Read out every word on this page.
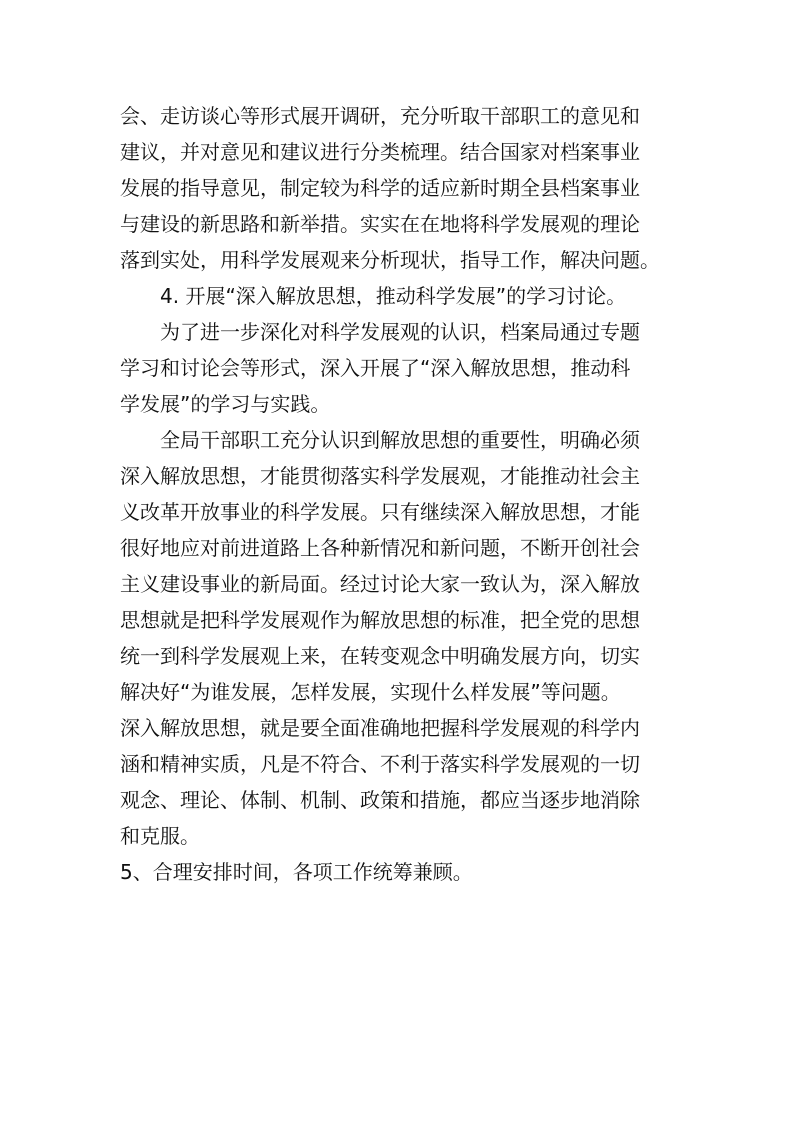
会、走访谈心等形式展开调研，充分听取干部职工的意见和
建议，并对意见和建议进行分类梳理。结合国家对档案事业
发展的指导意见，制定较为科学的适应新时期全县档案事业
与建设的新思路和新举措。实实在在地将科学发展观的理论
落到实处，用科学发展观来分析现状，指导工作，解决问题。
4. 开展“深入解放思想，推动科学发展”的学习讨论。
为了进一步深化对科学发展观的认识，档案局通过专题
学习和讨论会等形式，深入开展了“深入解放思想，推动科
学发展”的学习与实践。
全局干部职工充分认识到解放思想的重要性，明确必须
深入解放思想，才能贯彻落实科学发展观，才能推动社会主
义改革开放事业的科学发展。只有继续深入解放思想，才能
很好地应对前进道路上各种新情况和新问题，不断开创社会
主义建设事业的新局面。经过讨论大家一致认为，深入解放
思想就是把科学发展观作为解放思想的标准，把全党的思想
统一到科学发展观上来，在转变观念中明确发展方向，切实
解决好“为谁发展，怎样发展，实现什么样发展”等问题。
深入解放思想，就是要全面准确地把握科学发展观的科学内
涵和精神实质，凡是不符合、不利于落实科学发展观的一切
观念、理论、体制、机制、政策和措施，都应当逐步地消除
和克服。
5、合理安排时间，各项工作统筹兼顾。
